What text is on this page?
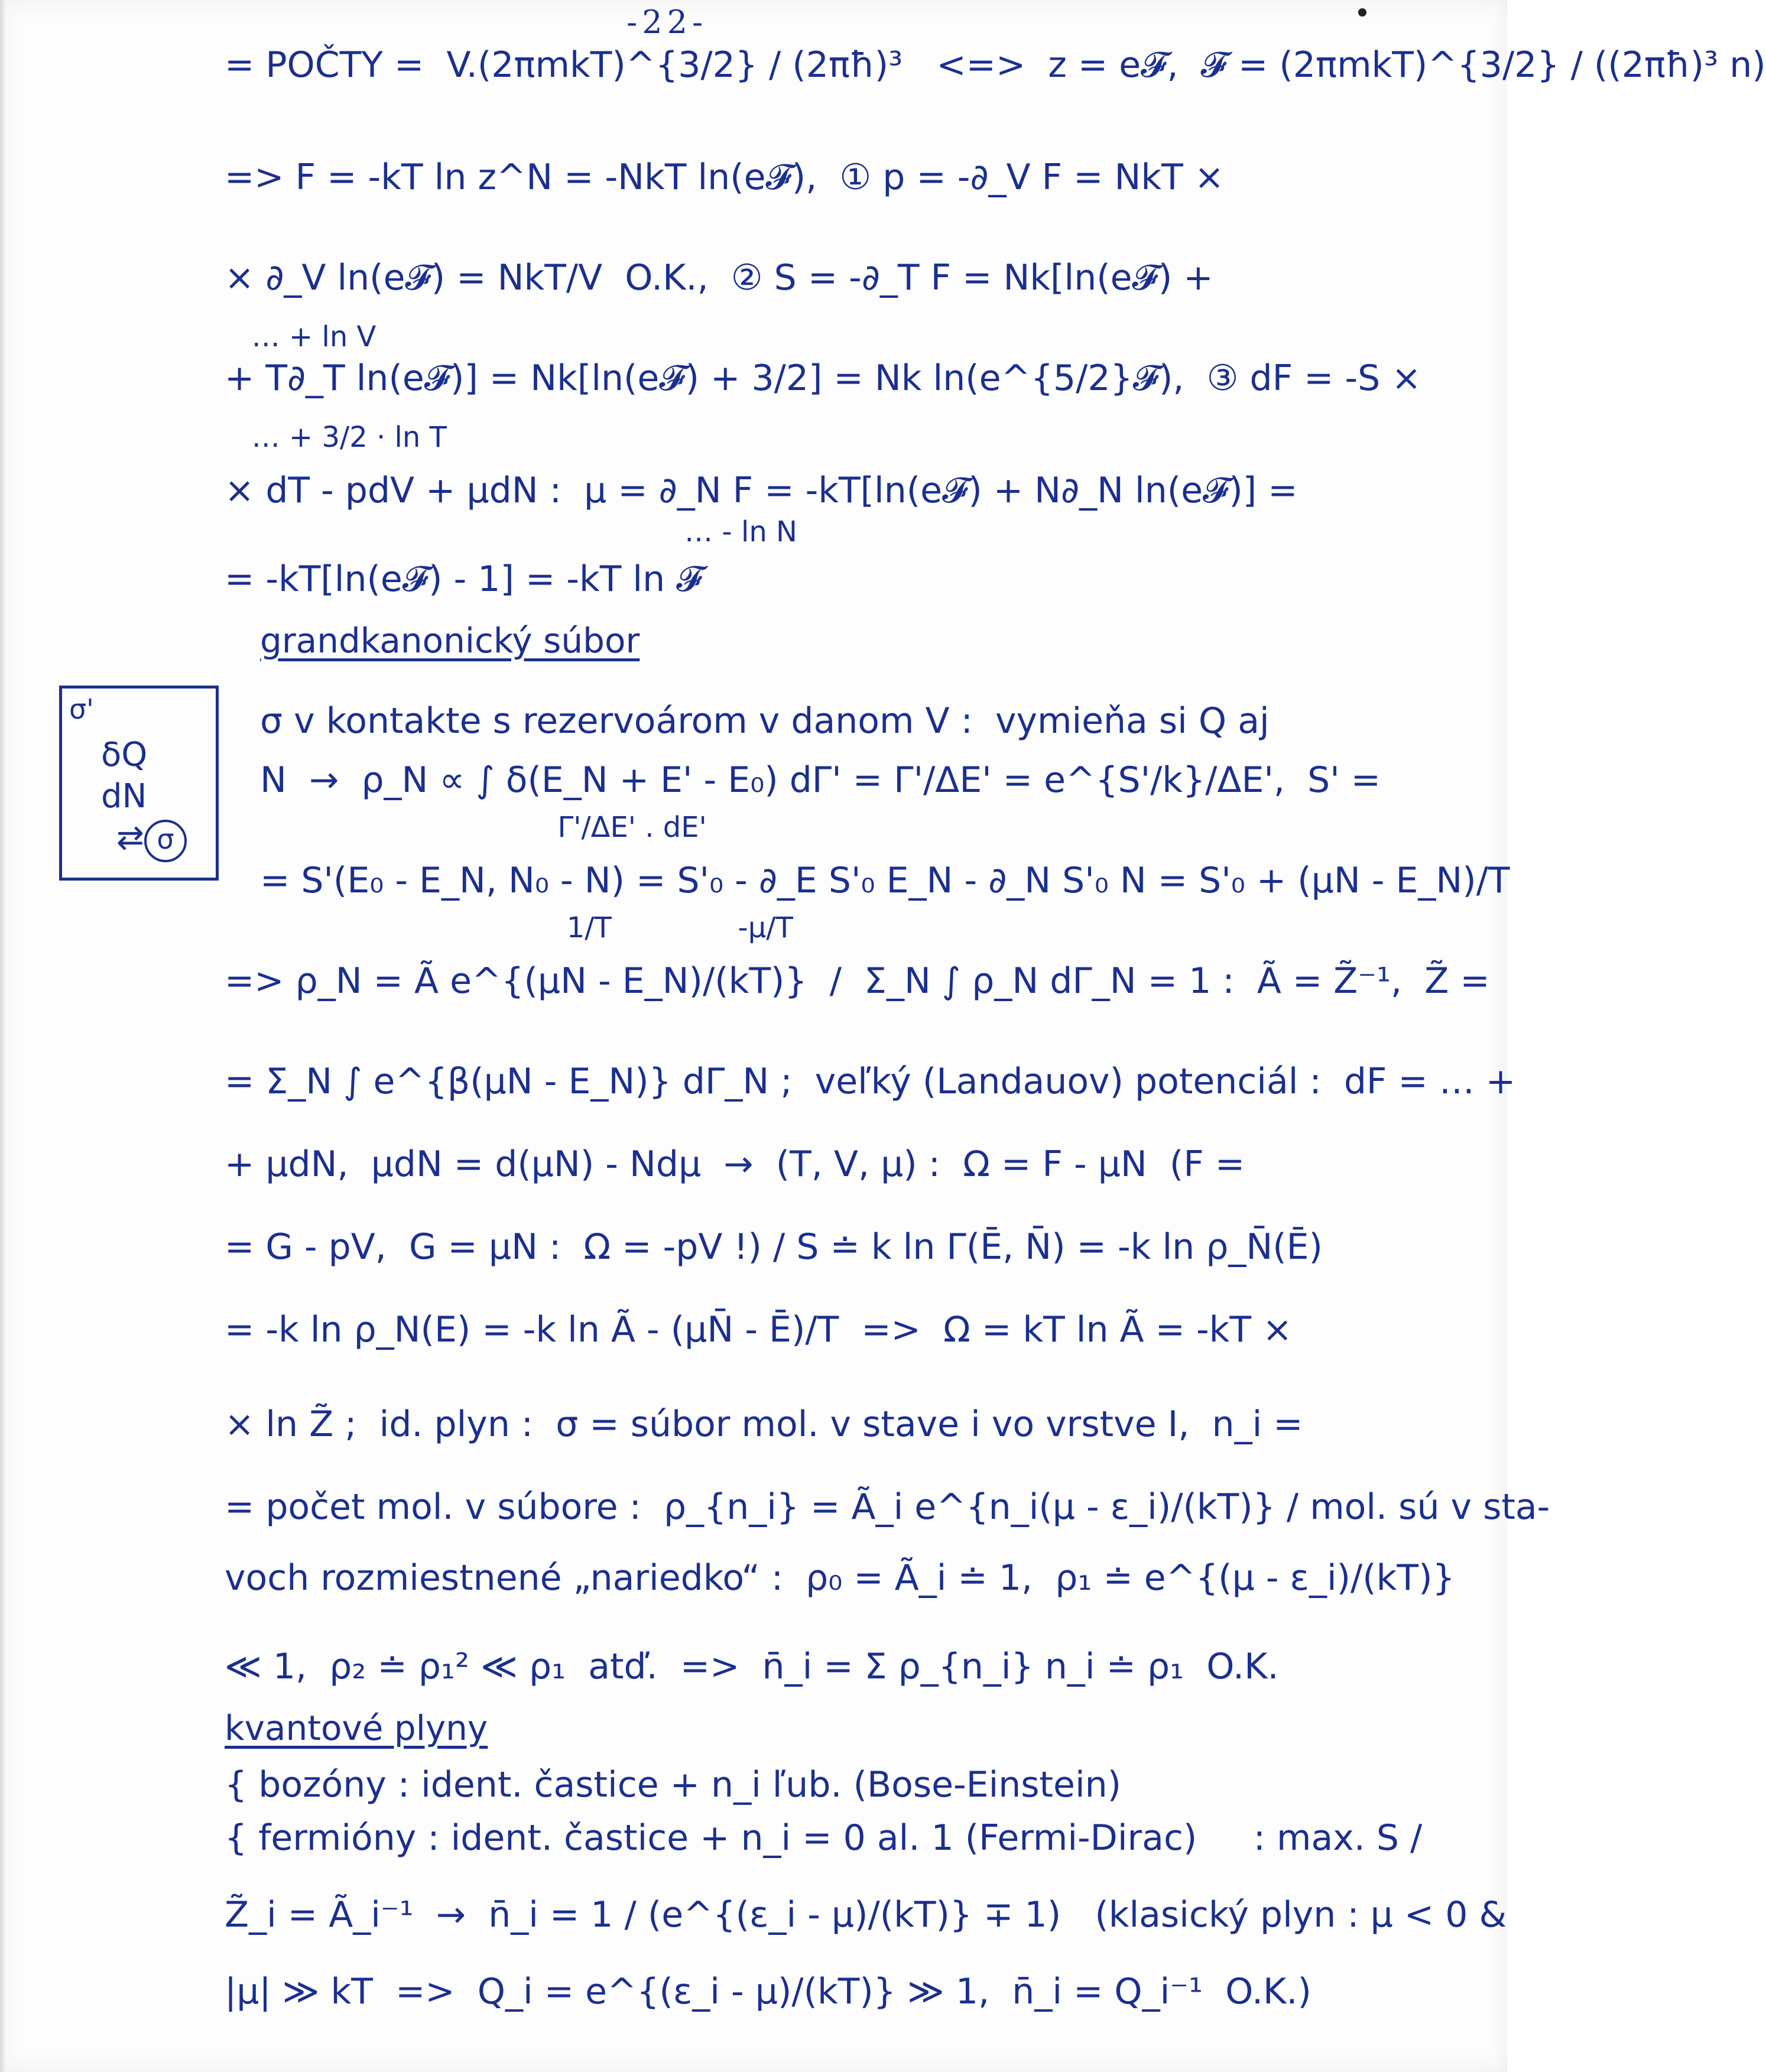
-22-
= POČTY =  V.(2πmkT)^{3/2} / (2πħ)³   <=>  z = e𝓕,  𝓕 = (2πmkT)^{3/2} / ((2πħ)³ n)
=> F = -kT ln z^N = -NkT ln(e𝓕),  ① p = -∂_V F = NkT ×
× ∂_V ln(e𝓕) = NkT/V  O.K.,  ② S = -∂_T F = Nk[ln(e𝓕) +
… + ln V
+ T∂_T ln(e𝓕)] = Nk[ln(e𝓕) + 3/2] = Nk ln(e^{5/2}𝓕),  ③ dF = -S ×
… + 3/2 · ln T
× dT - pdV + μdN :  μ = ∂_N F = -kT[ln(e𝓕) + N∂_N ln(e𝓕)] =
… - ln N
= -kT[ln(e𝓕) - 1] = -kT ln 𝓕
grandkanonický súbor
σ'
δQ
dN
⇄ σ
σ v kontakte s rezervoárom v danom V :  vymieňa si Q aj
N  →  ρ_N ∝ ∫ δ(E_N + E' - E₀) dΓ' = Γ'/ΔE' = e^{S'/k}/ΔE',  S' =
Γ'/ΔE' . dE'
= S'(E₀ - E_N, N₀ - N) = S'₀ - ∂_E S'₀ E_N - ∂_N S'₀ N = S'₀ + (μN - E_N)/T
1/T              -μ/T
=> ρ_N = Ã e^{(μN - E_N)/(kT)}  /  Σ_N ∫ ρ_N dΓ_N = 1 :  Ã = Z̃⁻¹,  Z̃ =
= Σ_N ∫ e^{β(μN - E_N)} dΓ_N ;  veľký (Landauov) potenciál :  dF = … +
+ μdN,  μdN = d(μN) - Ndμ  →  (T, V, μ) :  Ω = F - μN  (F =
= G - pV,  G = μN :  Ω = -pV !) / S ≐ k ln Γ(Ē, N̄) = -k ln ρ_N̄(Ē)
= -k ln ρ_N(E) = -k ln Ã - (μN̄ - Ē)/T  =>  Ω = kT ln Ã = -kT ×
× ln Z̃ ;  id. plyn :  σ = súbor mol. v stave i vo vrstve I,  n_i =
= počet mol. v súbore :  ρ_{n_i} = Ã_i e^{n_i(μ - ε_i)/(kT)} / mol. sú v sta-
voch rozmiestnené „nariedko“ :  ρ₀ = Ã_i ≐ 1,  ρ₁ ≐ e^{(μ - ε_i)/(kT)}
≪ 1,  ρ₂ ≐ ρ₁² ≪ ρ₁  atď.  =>  n̄_i = Σ ρ_{n_i} n_i ≐ ρ₁  O.K.
kvantové plyny
{ bozóny : ident. častice + n_i ľub. (Bose-Einstein)
{ fermióny : ident. častice + n_i = 0 al. 1 (Fermi-Dirac)     : max. S /
Z̃_i = Ã_i⁻¹  →  n̄_i = 1 / (e^{(ε_i - μ)/(kT)} ∓ 1)   (klasický plyn : μ < 0 &
|μ| ≫ kT  =>  Q_i = e^{(ε_i - μ)/(kT)} ≫ 1,  n̄_i = Q_i⁻¹  O.K.)
